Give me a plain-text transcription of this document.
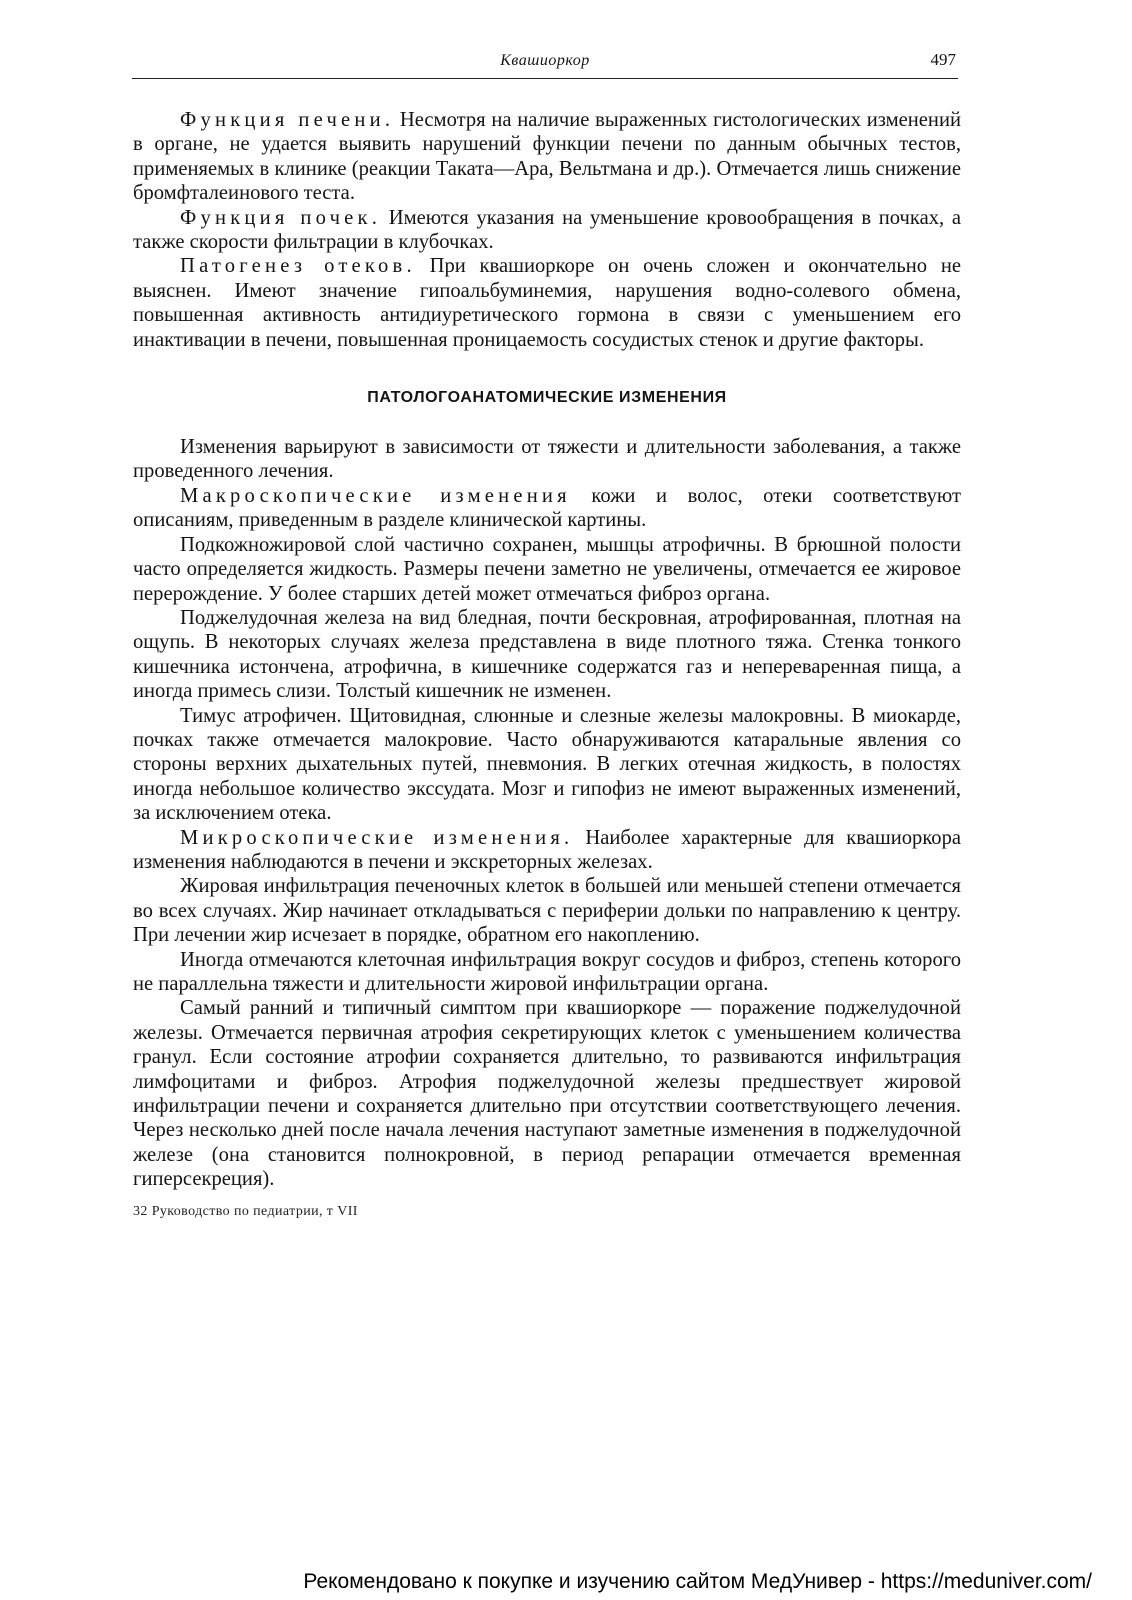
Квашиоркор	497

Функция печени. Несмотря на наличие выраженных гистологических изменений в органе, не удается выявить нарушений функции печени по данным обычных тестов, применяемых в клинике (реакции Таката—Ара, Вельтмана и др.). Отмечается лишь снижение бромфталеинового теста.

Функция почек. Имеются указания на уменьшение кровообращения в почках, а также скорости фильтрации в клубочках.

Патогенез отеков. При квашиоркоре он очень сложен и окончательно не выяснен. Имеют значение гипоальбуминемия, нарушения водно-солевого обмена, повышенная активность антидиуретического гормона в связи с уменьшением его инактивации в печени, повышенная проницаемость сосудистых стенок и другие факторы.

ПАТОЛОГОАНАТОМИЧЕСКИЕ ИЗМЕНЕНИЯ

Изменения варьируют в зависимости от тяжести и длительности заболевания, а также проведенного лечения.

Макроскопические изменения кожи и волос, отеки соответствуют описаниям, приведенным в разделе клинической картины.

Подкожножировой слой частично сохранен, мышцы атрофичны. В брюшной полости часто определяется жидкость. Размеры печени заметно не увеличены, отмечается ее жировое перерождение. У более старших детей может отмечаться фиброз органа.

Поджелудочная железа на вид бледная, почти бескровная, атрофированная, плотная на ощупь. В некоторых случаях железа представлена в виде плотного тяжа. Стенка тонкого кишечника истончена, атрофична, в кишечнике содержатся газ и непереваренная пища, а иногда примесь слизи. Толстый кишечник не изменен.

Тимус атрофичен. Щитовидная, слюнные и слезные железы малокровны. В миокарде, почках также отмечается малокровие. Часто обнаруживаются катаральные явления со стороны верхних дыхательных путей, пневмония. В легких отечная жидкость, в полостях иногда небольшое количество экссудата. Мозг и гипофиз не имеют выраженных изменений, за исключением отека.

Микроскопические изменения. Наиболее характерные для квашиоркора изменения наблюдаются в печени и экскреторных железах.

Жировая инфильтрация печеночных клеток в большей или меньшей степени отмечается во всех случаях. Жир начинает откладываться с периферии дольки по направлению к центру. При лечении жир исчезает в порядке, обратном его накоплению.

Иногда отмечаются клеточная инфильтрация вокруг сосудов и фиброз, степень которого не параллельна тяжести и длительности жировой инфильтрации органа.

Самый ранний и типичный симптом при квашиоркоре — поражение поджелудочной железы. Отмечается первичная атрофия секретирующих клеток с уменьшением количества гранул. Если состояние атрофии сохраняется длительно, то развиваются инфильтрация лимфоцитами и фиброз. Атрофия поджелудочной железы предшествует жировой инфильтрации печени и сохраняется длительно при отсутствии соответствующего лечения. Через несколько дней после начала лечения наступают заметные изменения в поджелудочной железе (она становится полнокровной, в период репарации отмечается временная гиперсекреция).

32 Руководство по педиатрии, т VII
Рекомендовано к покупке и изучению сайтом МедУнивер - https://meduniver.com/
